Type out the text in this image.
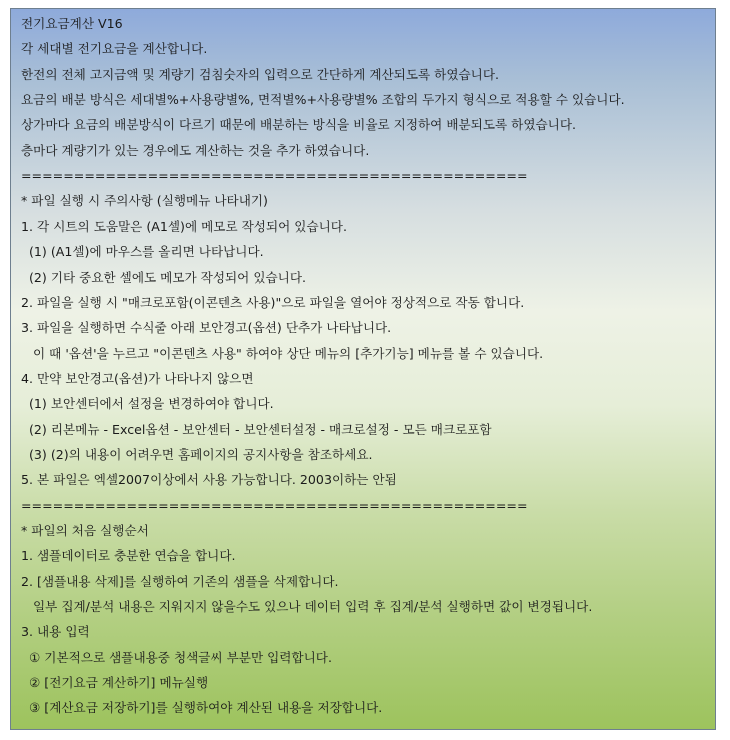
전기요금계산 V16
각 세대별 전기요금을 계산합니다.
한전의 전체 고지금액 및 계량기 검침숫자의 입력으로 간단하게 계산되도록 하였습니다.
요금의 배분 방식은 세대별%+사용량별%, 면적별%+사용량별% 조합의 두가지 형식으로 적용할 수 있습니다.
상가마다 요금의 배분방식이 다르기 때문에 배분하는 방식을 비율로 지정하여 배분되도록 하였습니다.
층마다 계량기가 있는 경우에도 계산하는 것을 추가 하였습니다.
================================================
* 파일 실행 시 주의사항 (실행메뉴 나타내기)
1. 각 시트의 도움말은 (A1셀)에 메모로 작성되어 있습니다.
(1) (A1셀)에 마우스를 올리면 나타납니다.
(2) 기타 중요한 셀에도 메모가 작성되어 있습니다.
2. 파일을 실행 시 "매크로포함(이콘텐츠 사용)"으로 파일을 열어야 정상적으로 작동 합니다.
3. 파일을 실행하면 수식줄 아래 보안경고(옵션) 단추가 나타납니다.
이 때 '옵션'을 누르고 "이콘텐츠 사용" 하여야 상단 메뉴의 [추가기능] 메뉴를 볼 수 있습니다.
4. 만약 보안경고(옵션)가 나타나지 않으면
(1) 보안센터에서 설정을 변경하여야 합니다.
(2) 리본메뉴 - Excel옵션 - 보안센터 - 보안센터설정 - 매크로설정 - 모든 매크로포함
(3) (2)의 내용이 어려우면 홈페이지의 공지사항을 참조하세요.
5. 본 파일은 엑셀2007이상에서 사용 가능합니다. 2003이하는 안됨
================================================
* 파일의 처음 실행순서
1. 샘플데이터로 충분한 연습을 합니다.
2. [샘플내용 삭제]를 실행하여 기존의 샘플을 삭제합니다.
일부 집계/분석 내용은 지워지지 않을수도 있으나 데이터 입력 후 집계/분석 실행하면 값이 변경됩니다.
3. 내용 입력
① 기본적으로 샘플내용중 청색글씨 부분만 입력합니다.
② [전기요금 계산하기] 메뉴실행
③ [계산요금 저장하기]를 실행하여야 계산된 내용을 저장합니다.
